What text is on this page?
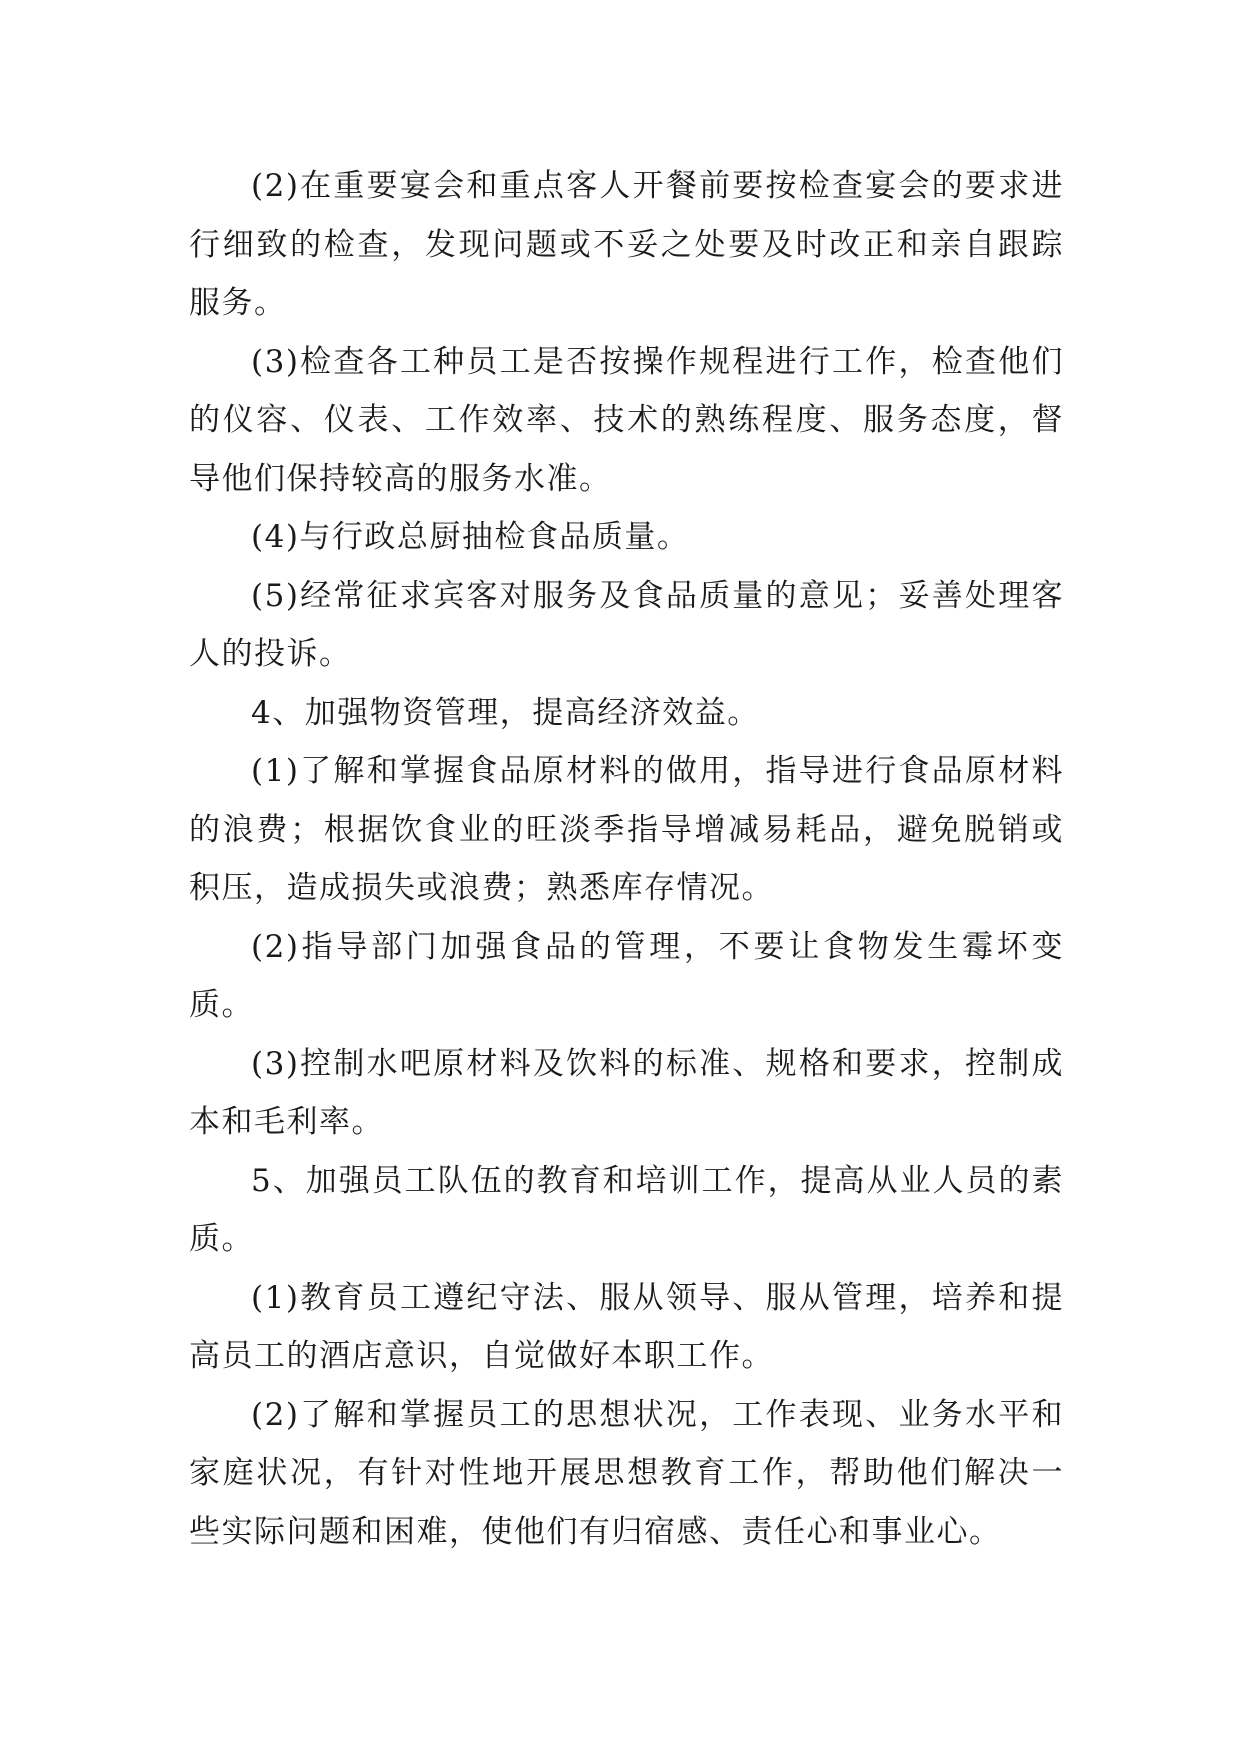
(2)在重要宴会和重点客人开餐前要按检查宴会的要求进行细致的检查，发现问题或不妥之处要及时改正和亲自跟踪服务。

(3)检查各工种员工是否按操作规程进行工作，检查他们的仪容、仪表、工作效率、技术的熟练程度、服务态度，督导他们保持较高的服务水准。

(4)与行政总厨抽检食品质量。

(5)经常征求宾客对服务及食品质量的意见；妥善处理客人的投诉。

4、加强物资管理，提高经济效益。

(1)了解和掌握食品原材料的做用，指导进行食品原材料的浪费；根据饮食业的旺淡季指导增减易耗品，避免脱销或积压，造成损失或浪费；熟悉库存情况。

(2)指导部门加强食品的管理，不要让食物发生霉坏变质。

(3)控制水吧原材料及饮料的标准、规格和要求，控制成本和毛利率。

5、加强员工队伍的教育和培训工作，提高从业人员的素质。

(1)教育员工遵纪守法、服从领导、服从管理，培养和提高员工的酒店意识，自觉做好本职工作。

(2)了解和掌握员工的思想状况，工作表现、业务水平和家庭状况，有针对性地开展思想教育工作，帮助他们解决一些实际问题和困难，使他们有归宿感、责任心和事业心。
